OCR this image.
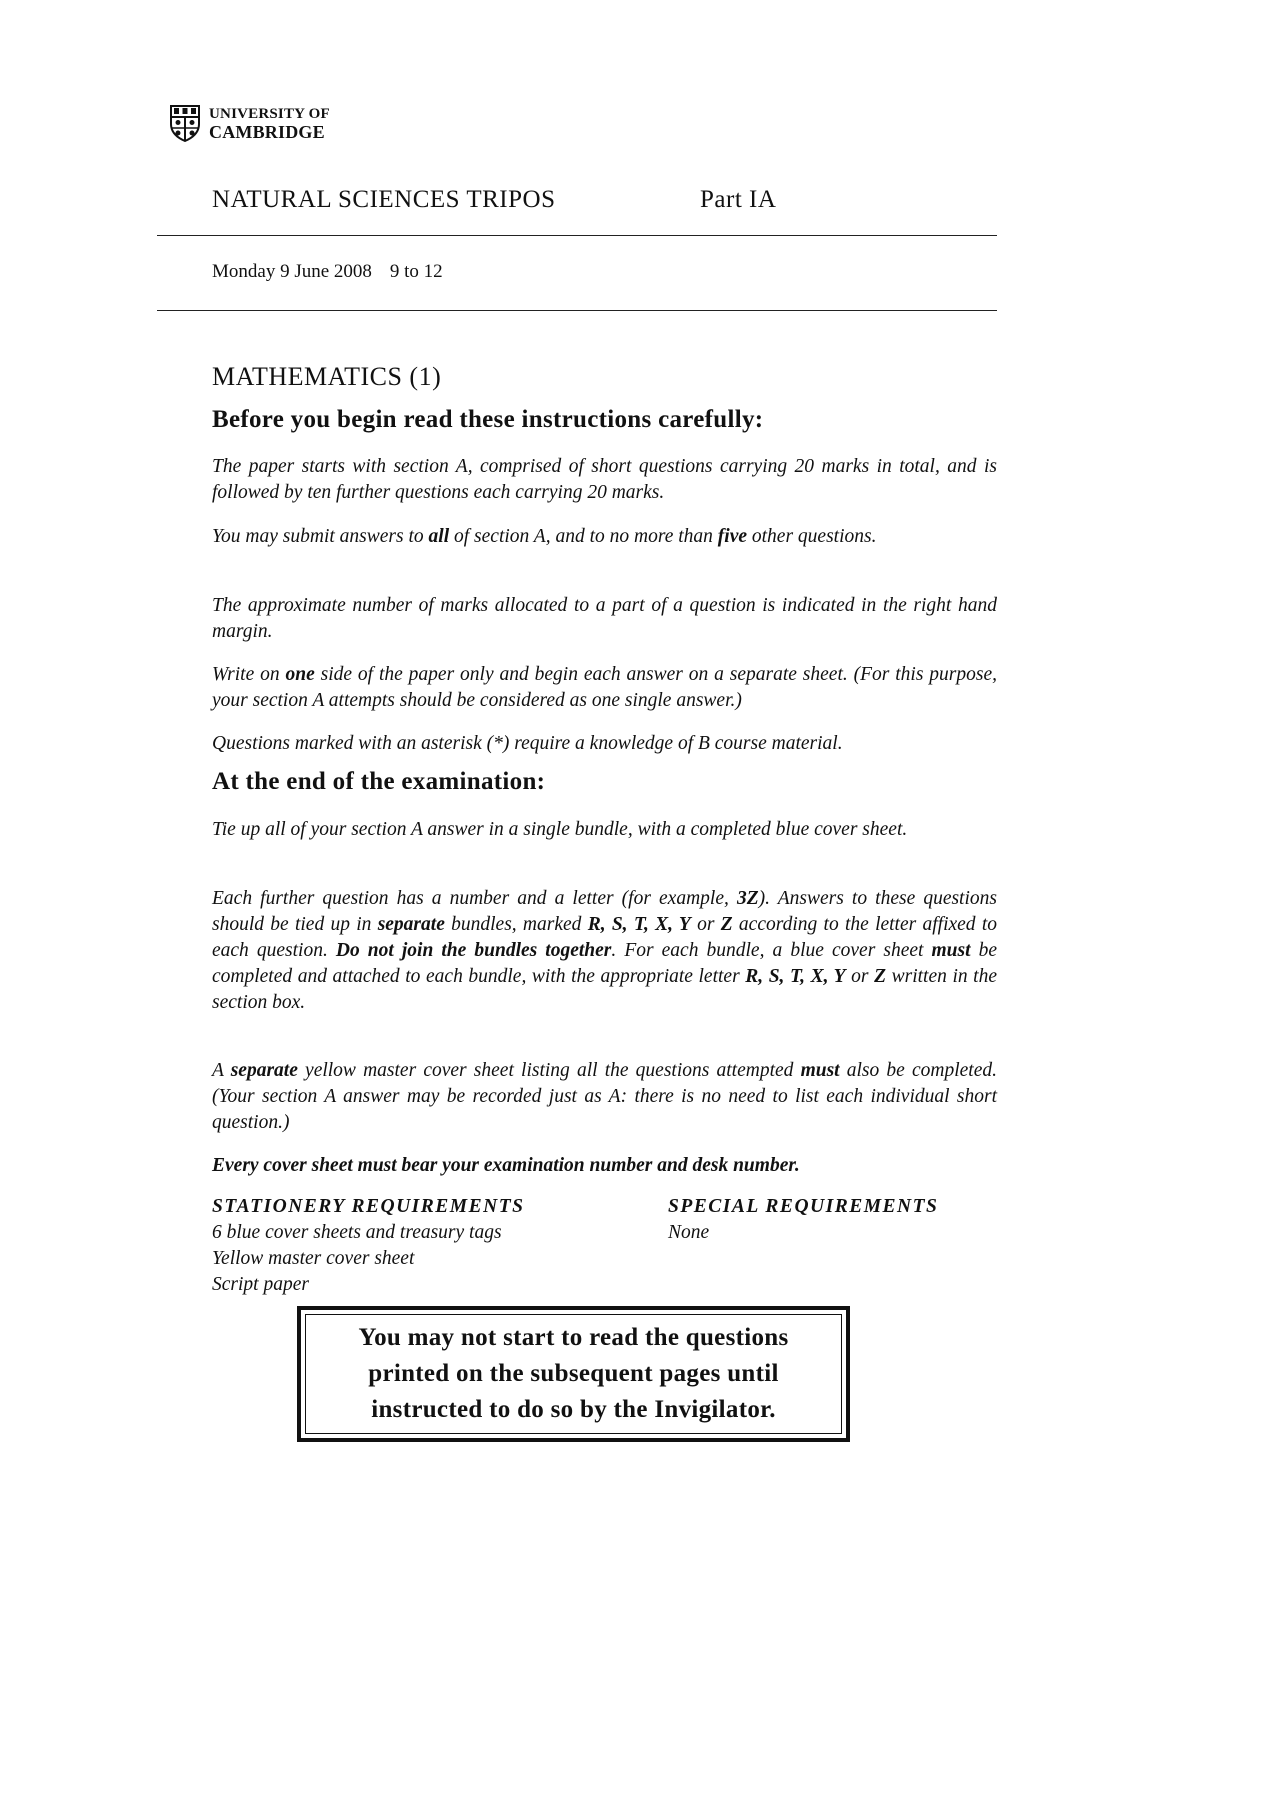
UNIVERSITY OF
CAMBRIDGE
NATURAL SCIENCES TRIPOS	Part IA
Monday 9 June 2008 9 to 12
MATHEMATICS (1)
Before you begin read these instructions carefully:
The paper starts with section A, comprised of short questions carrying 20 marks in total, and is followed by ten further questions each carrying 20 marks.
You may submit answers to all of section A, and to no more than five other questions.
The approximate number of marks allocated to a part of a question is indicated in the right hand margin.
Write on one side of the paper only and begin each answer on a separate sheet. (For this purpose, your section A attempts should be considered as one single answer.)
Questions marked with an asterisk (*) require a knowledge of B course material.
At the end of the examination:
Tie up all of your section A answer in a single bundle, with a completed blue cover sheet.
Each further question has a number and a letter (for example, 3Z). Answers to these questions should be tied up in separate bundles, marked R, S, T, X, Y or Z according to the letter affixed to each question. Do not join the bundles together. For each bundle, a blue cover sheet must be completed and attached to each bundle, with the appropriate letter R, S, T, X, Y or Z written in the section box.
A separate yellow master cover sheet listing all the questions attempted must also be completed. (Your section A answer may be recorded just as A: there is no need to list each individual short question.)
Every cover sheet must bear your examination number and desk number.
STATIONERY REQUIREMENTS
6 blue cover sheets and treasury tags
Yellow master cover sheet
Script paper
SPECIAL REQUIREMENTS
None
You may not start to read the questions
printed on the subsequent pages until
instructed to do so by the Invigilator.
